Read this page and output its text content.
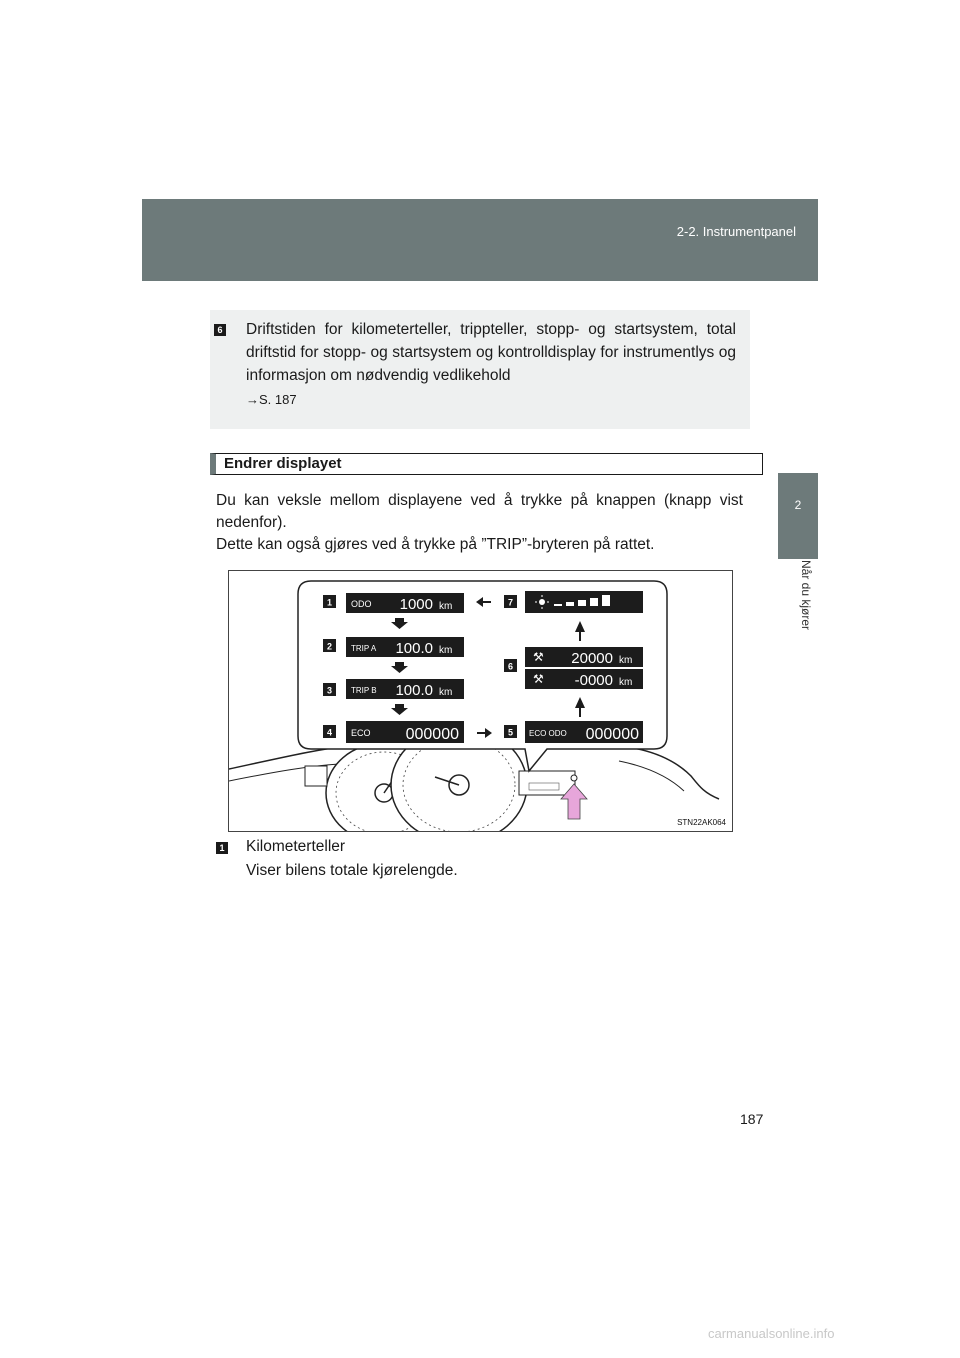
2-2. Instrumentpanel
2
Når du kjører
6 Driftstiden for kilometerteller, trippteller, stopp- og startsystem, total driftstid for stopp- og startsystem og kontrolldisplay for instrumentlys og informasjon om nødvendig vedlikehold
→S. 187
Endrer displayet

Du kan veksle mellom displayene ved å trykke på knappen (knapp vist nedenfor).

Dette kan også gjøres ved å trykke på ”TRIP”-bryteren på rattet.

1 ODO 1000 km
2 TRIP A 100.0 km
3 TRIP B 100.0 km
4 ECO 000000
7
6
⚒ 20000 km
⚒ -0000 km
5 ECO ODO 000000
STN22AK064
1 Kilometerteller
Viser bilens totale kjørelengde.
187
carmanualsonline.info
